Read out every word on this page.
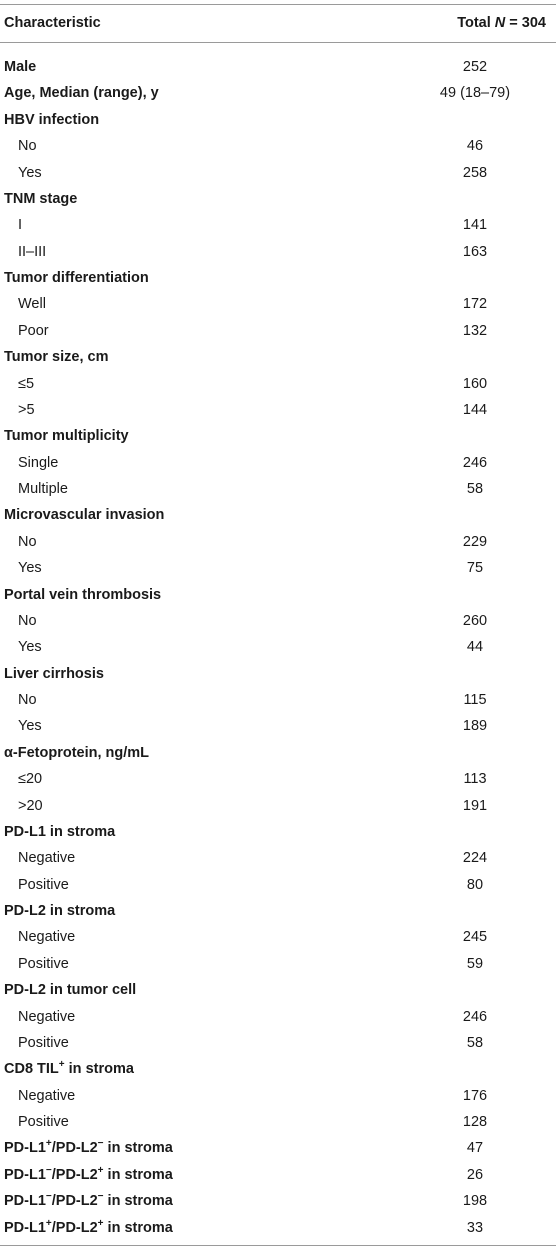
Characteristic	Total N = 304
Male	252
Age, Median (range), y	49 (18–79)
HBV infection
No	46
Yes	258
TNM stage
I	141
II–III	163
Tumor differentiation
Well	172
Poor	132
Tumor size, cm
≤5	160
>5	144
Tumor multiplicity
Single	246
Multiple	58
Microvascular invasion
No	229
Yes	75
Portal vein thrombosis
No	260
Yes	44
Liver cirrhosis
No	115
Yes	189
α-Fetoprotein, ng/mL
≤20	113
>20	191
PD-L1 in stroma
Negative	224
Positive	80
PD-L2 in stroma
Negative	245
Positive	59
PD-L2 in tumor cell
Negative	246
Positive	58
CD8 TIL+ in stroma
Negative	176
Positive	128
PD-L1+/PD-L2− in stroma	47
PD-L1−/PD-L2+ in stroma	26
PD-L1−/PD-L2− in stroma	198
PD-L1+/PD-L2+ in stroma	33
